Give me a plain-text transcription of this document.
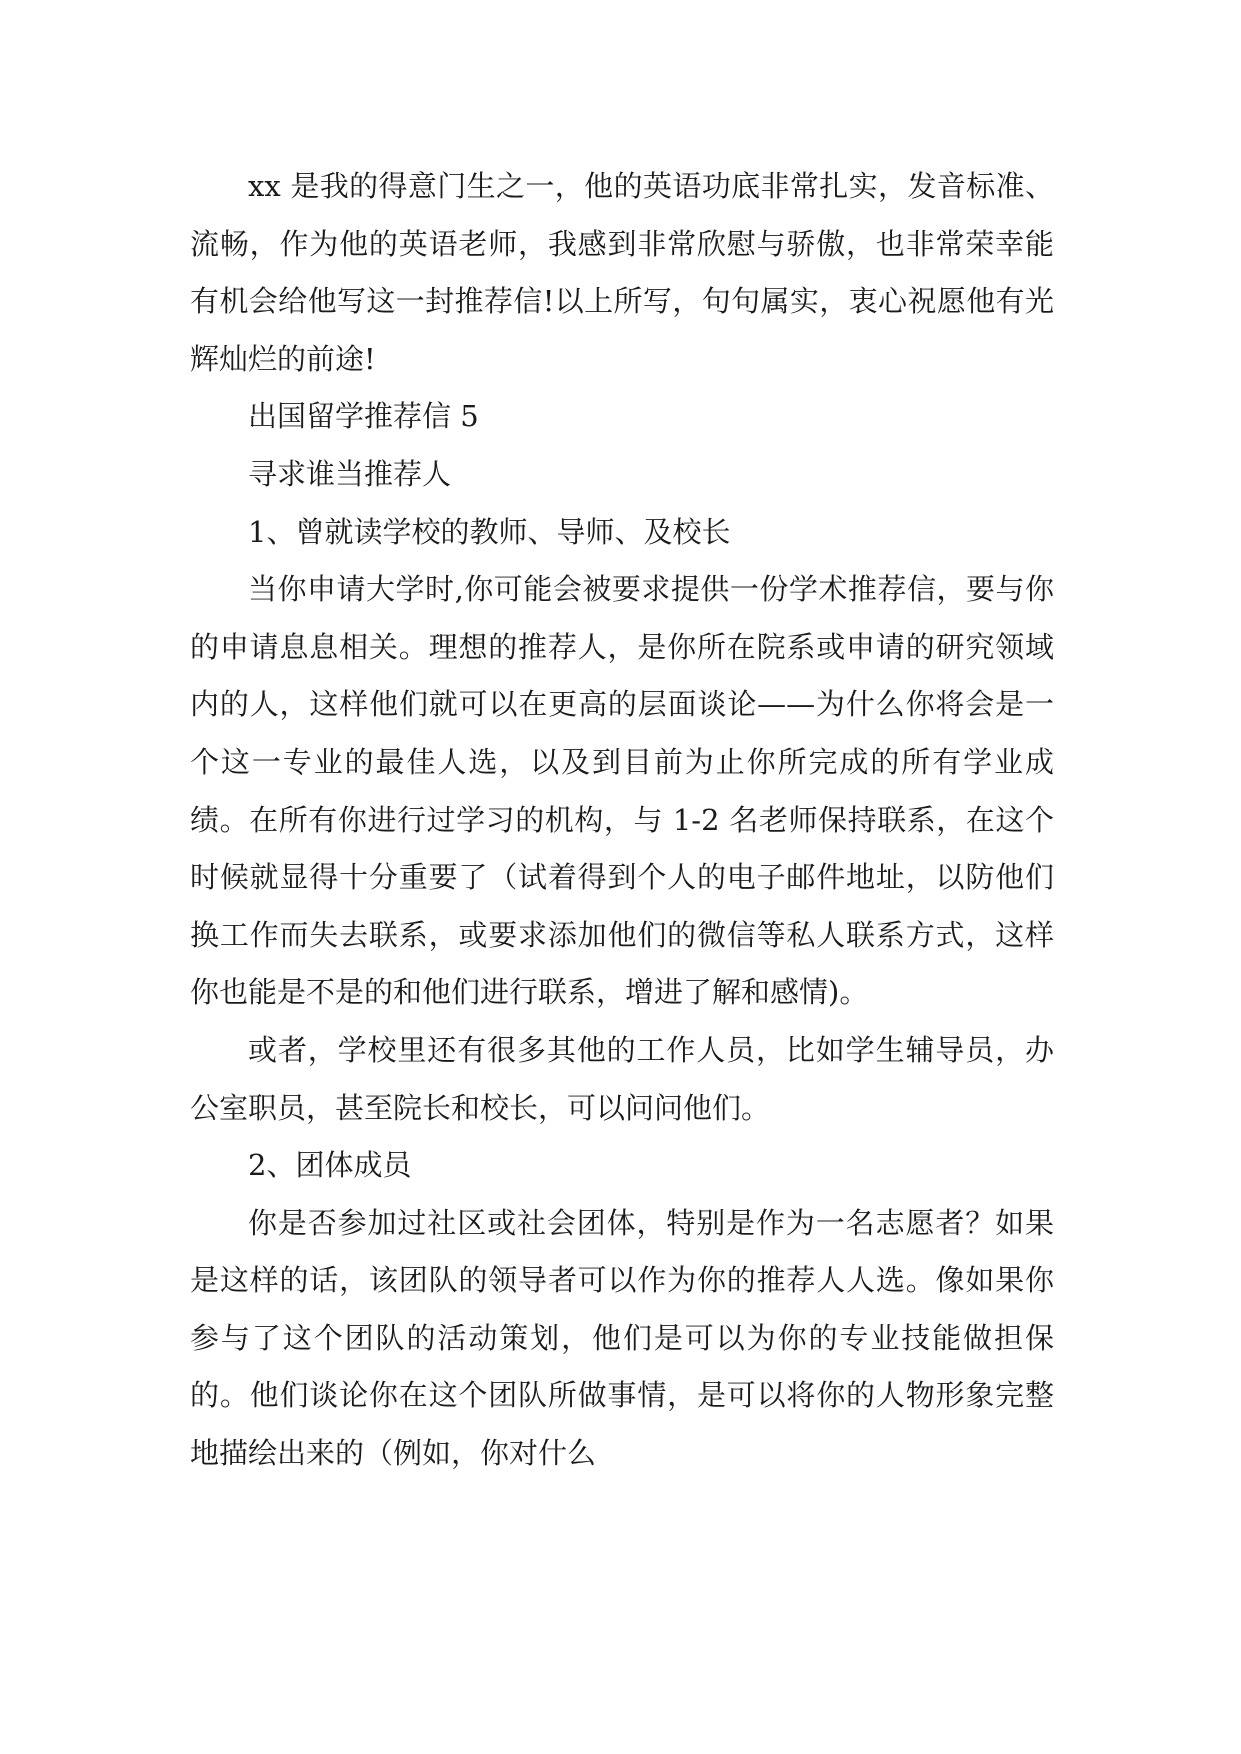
xx 是我的得意门生之一，他的英语功底非常扎实，发音标准、流畅，作为他的英语老师，我感到非常欣慰与骄傲，也非常荣幸能有机会给他写这一封推荐信!以上所写，句句属实，衷心祝愿他有光辉灿烂的前途!

出国留学推荐信 5

寻求谁当推荐人

1、曾就读学校的教师、导师、及校长

当你申请大学时,你可能会被要求提供一份学术推荐信，要与你的申请息息相关。理想的推荐人，是你所在院系或申请的研究领域内的人，这样他们就可以在更高的层面谈论——为什么你将会是一个这一专业的最佳人选，以及到目前为止你所完成的所有学业成绩。在所有你进行过学习的机构，与 1-2 名老师保持联系，在这个时候就显得十分重要了（试着得到个人的电子邮件地址，以防他们换工作而失去联系，或要求添加他们的微信等私人联系方式，这样你也能是不是的和他们进行联系，增进了解和感情)。

或者，学校里还有很多其他的工作人员，比如学生辅导员，办公室职员，甚至院长和校长，可以问问他们。

2、团体成员

你是否参加过社区或社会团体，特别是作为一名志愿者？如果是这样的话，该团队的领导者可以作为你的推荐人人选。像如果你参与了这个团队的活动策划，他们是可以为你的专业技能做担保的。他们谈论你在这个团队所做事情，是可以将你的人物形象完整地描绘出来的（例如，你对什么
